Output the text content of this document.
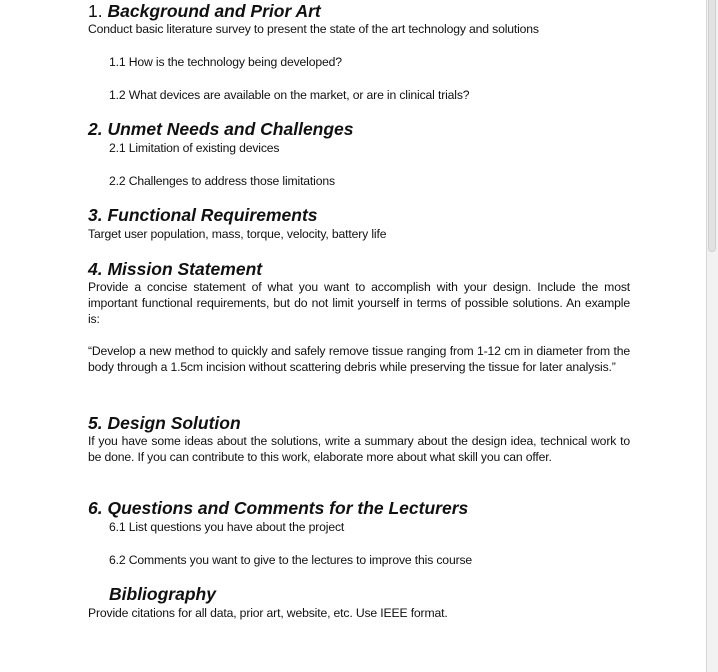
1. Background and Prior Art
Conduct basic literature survey to present the state of the art technology and solutions
1.1 How is the technology being developed?
1.2 What devices are available on the market, or are in clinical trials?
2. Unmet Needs and Challenges
2.1 Limitation of existing devices
2.2 Challenges to address those limitations
3. Functional Requirements
Target user population, mass, torque, velocity, battery life
4. Mission Statement
Provide a concise statement of what you want to accomplish with your design. Include the most important functional requirements, but do not limit yourself in terms of possible solutions. An example is:
“Develop a new method to quickly and safely remove tissue ranging from 1-12 cm in diameter from the body through a 1.5cm incision without scattering debris while preserving the tissue for later analysis.”
5. Design Solution
If you have some ideas about the solutions, write a summary about the design idea, technical work to be done. If you can contribute to this work, elaborate more about what skill you can offer.
6. Questions and Comments for the Lecturers
6.1 List questions you have about the project
6.2 Comments you want to give to the lectures to improve this course
Bibliography
Provide citations for all data, prior art, website, etc. Use IEEE format.
